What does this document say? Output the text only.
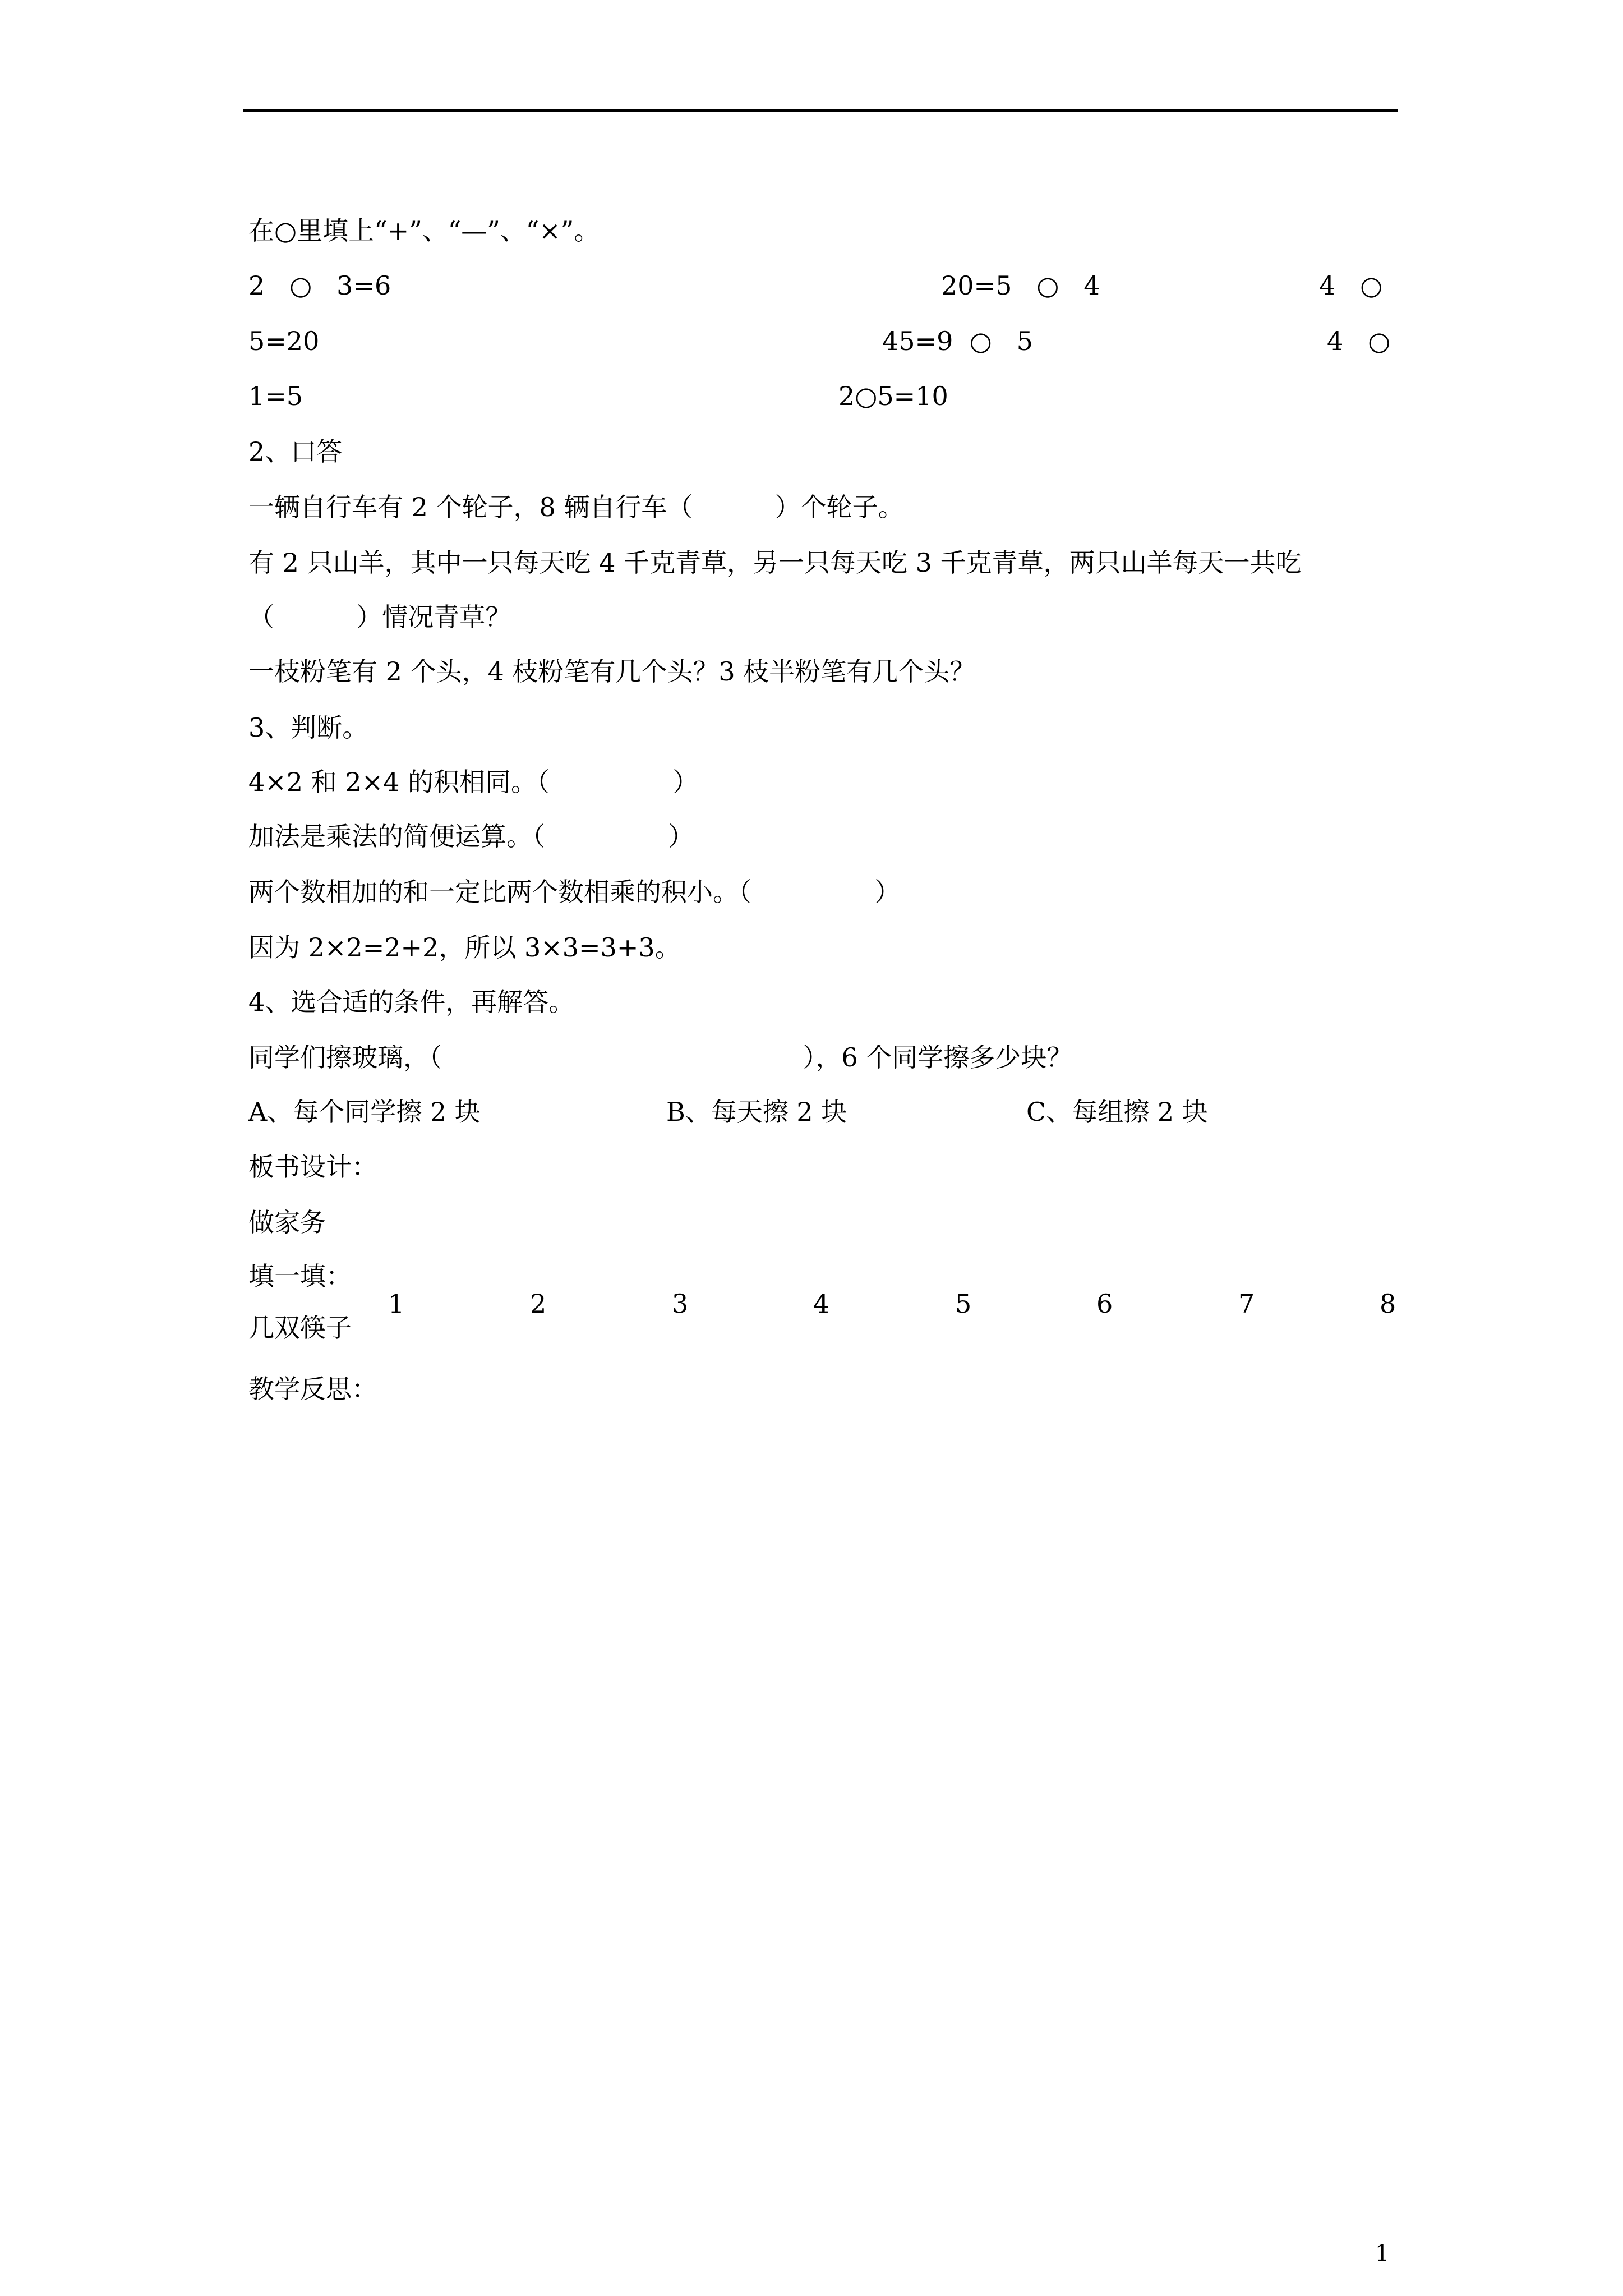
在○里填上“+”、“—”、“×”。
2   ○   3=6	20=5   ○   4	4   ○
5=20	45=9  ○   5	4   ○
1=5	2○5=10
2、口答
一辆自行车有 2 个轮子，8 辆自行车（          ）个轮子。
有 2 只山羊，其中一只每天吃 4 千克青草，另一只每天吃 3 千克青草，两只山羊每天一共吃
（          ）情况青草？
一枝粉笔有 2 个头，4 枝粉笔有几个头？3 枝半粉笔有几个头？
3、判断。
4×2 和 2×4 的积相同。（               ）
加法是乘法的简便运算。（               ）
两个数相加的和一定比两个数相乘的积小。（               ）
因为 2×2=2+2，所以 3×3=3+3。
4、选合适的条件，再解答。
同学们擦玻璃，（                                            ），6 个同学擦多少块？
A、每个同学擦 2 块	B、每天擦 2 块	C、每组擦 2 块
板书设计：
做家务
填一填：
几双筷子
1	2	3	4	5	6	7	8
教学反思：
1
